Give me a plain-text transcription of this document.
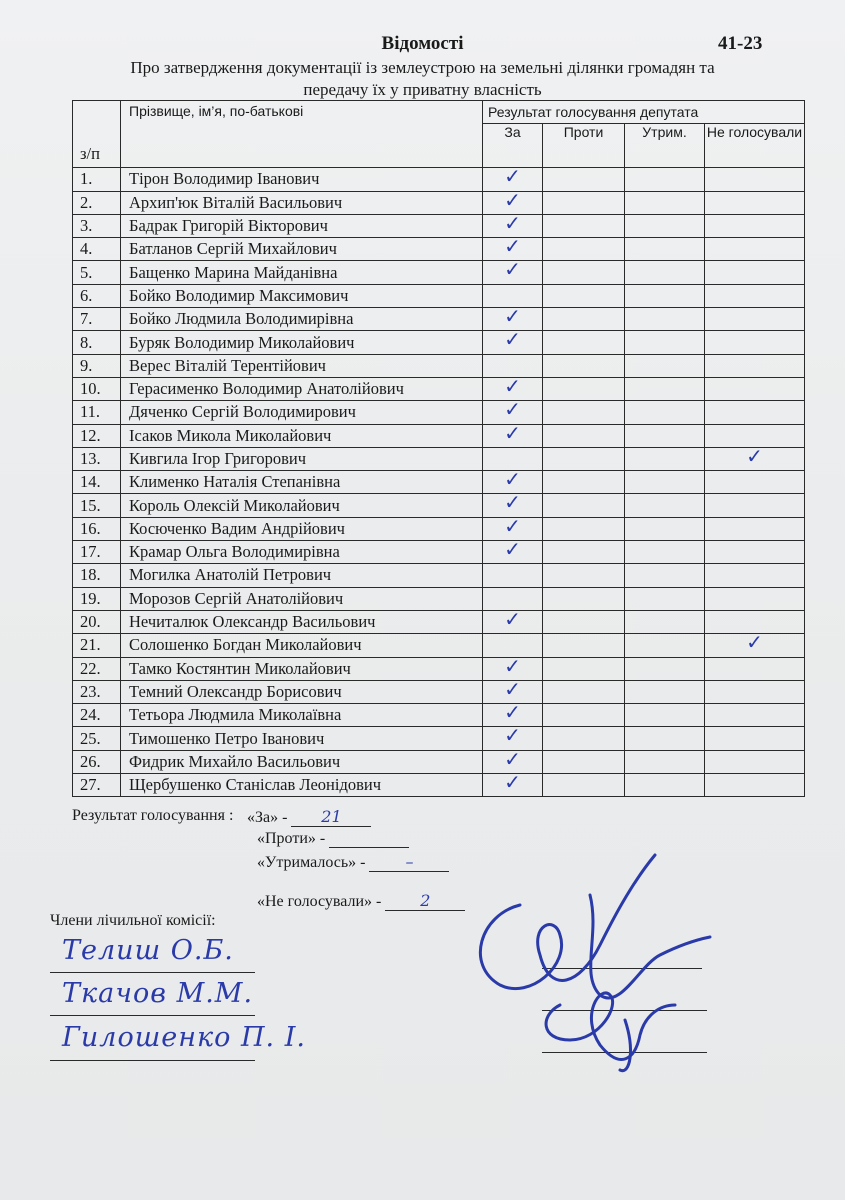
Відомості	41-23
Про затвердження документації із землеустрою на земельні ділянки громадян та
передачу їх у приватну власність
з/п	Прізвище, ім’я, по-батькові	Результат голосування депутата			
		За	Проти	Утрим.	Не голосували
1.	Тірон Володимир Іванович	✓			

2.	Архип'юк Віталій Васильович	✓			

3.	Бадрак Григорій Вікторович	✓			

4.	Батланов Сергій Михайлович	✓			

5.	Бащенко Марина Майданівна	✓			

6.	Бойко Володимир Максимович				
7.	Бойко Людмила Володимирівна	✓			

8.	Буряк Володимир Миколайович	✓			

9.	Верес Віталій Терентійович				
10.	Герасименко Володимир Анатолійович	✓			

11.	Дяченко Сергій Володимирович	✓			

12.	Ісаков Микола Миколайович	✓			

13.	Кивгила Ігор Григорович				✓

14.	Клименко Наталія Степанівна	✓			

15.	Король Олексій Миколайович	✓			

16.	Косюченко Вадим Андрійович	✓			

17.	Крамар Ольга Володимирівна	✓			

18.	Могилка Анатолій Петрович				
19.	Морозов Сергій Анатолійович				
20.	Нечиталюк Олександр Васильович	✓			

21.	Солошенко Богдан Миколайович				✓

22.	Тамко Костянтин Миколайович	✓			

23.	Темний Олександр Борисович	✓			

24.	Тетьора Людмила Миколаївна	✓			

25.	Тимошенко Петро Іванович	✓			

26.	Фидрик Михайло Васильович	✓			

27.	Щербушенко Станіслав Леонідович	✓			

Результат голосування : «За» - 21
«Проти» -
«Утрималось» -	–
«Не голосували» - 2
Члени лічильної комісії:
Телиш О.Б.
Ткачов М.М.
Гилошенко П. І.
